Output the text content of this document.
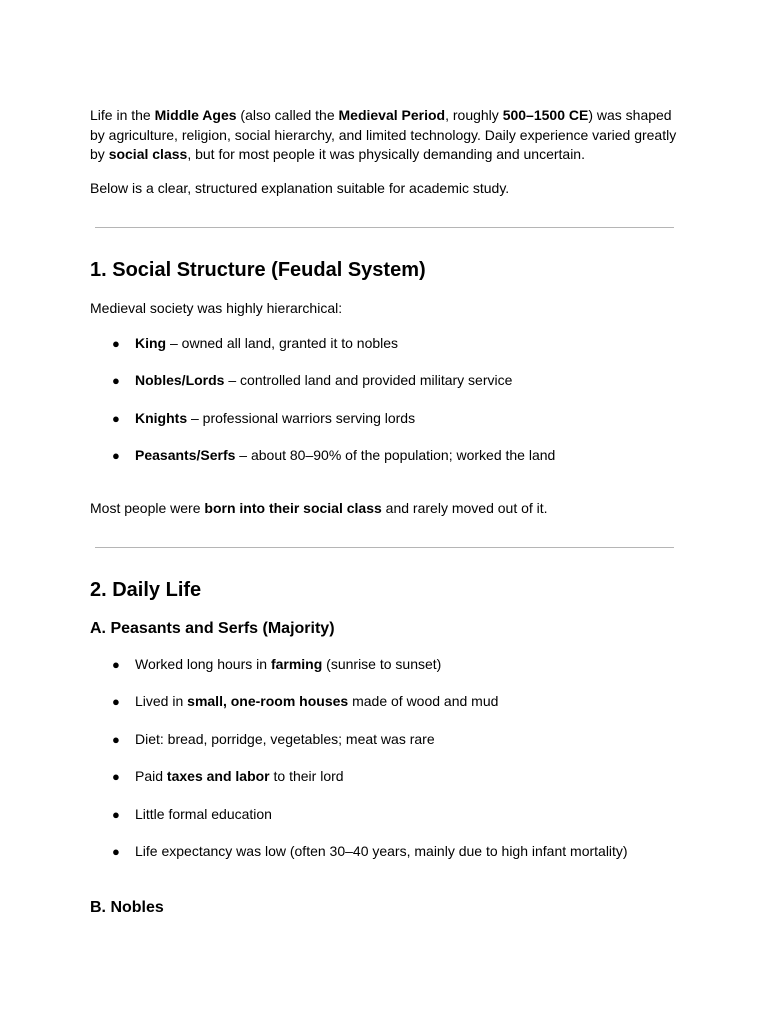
Life in the Middle Ages (also called the Medieval Period, roughly 500–1500 CE) was shaped by agriculture, religion, social hierarchy, and limited technology. Daily experience varied greatly by social class, but for most people it was physically demanding and uncertain.

Below is a clear, structured explanation suitable for academic study.

1. Social Structure (Feudal System)

Medieval society was highly hierarchical:

● King – owned all land, granted it to nobles
● Nobles/Lords – controlled land and provided military service
● Knights – professional warriors serving lords
● Peasants/Serfs – about 80–90% of the population; worked the land

Most people were born into their social class and rarely moved out of it.

2. Daily Life
A. Peasants and Serfs (Majority)
● Worked long hours in farming (sunrise to sunset)
● Lived in small, one-room houses made of wood and mud
● Diet: bread, porridge, vegetables; meat was rare
● Paid taxes and labor to their lord
● Little formal education
● Life expectancy was low (often 30–40 years, mainly due to high infant mortality)
B. Nobles
